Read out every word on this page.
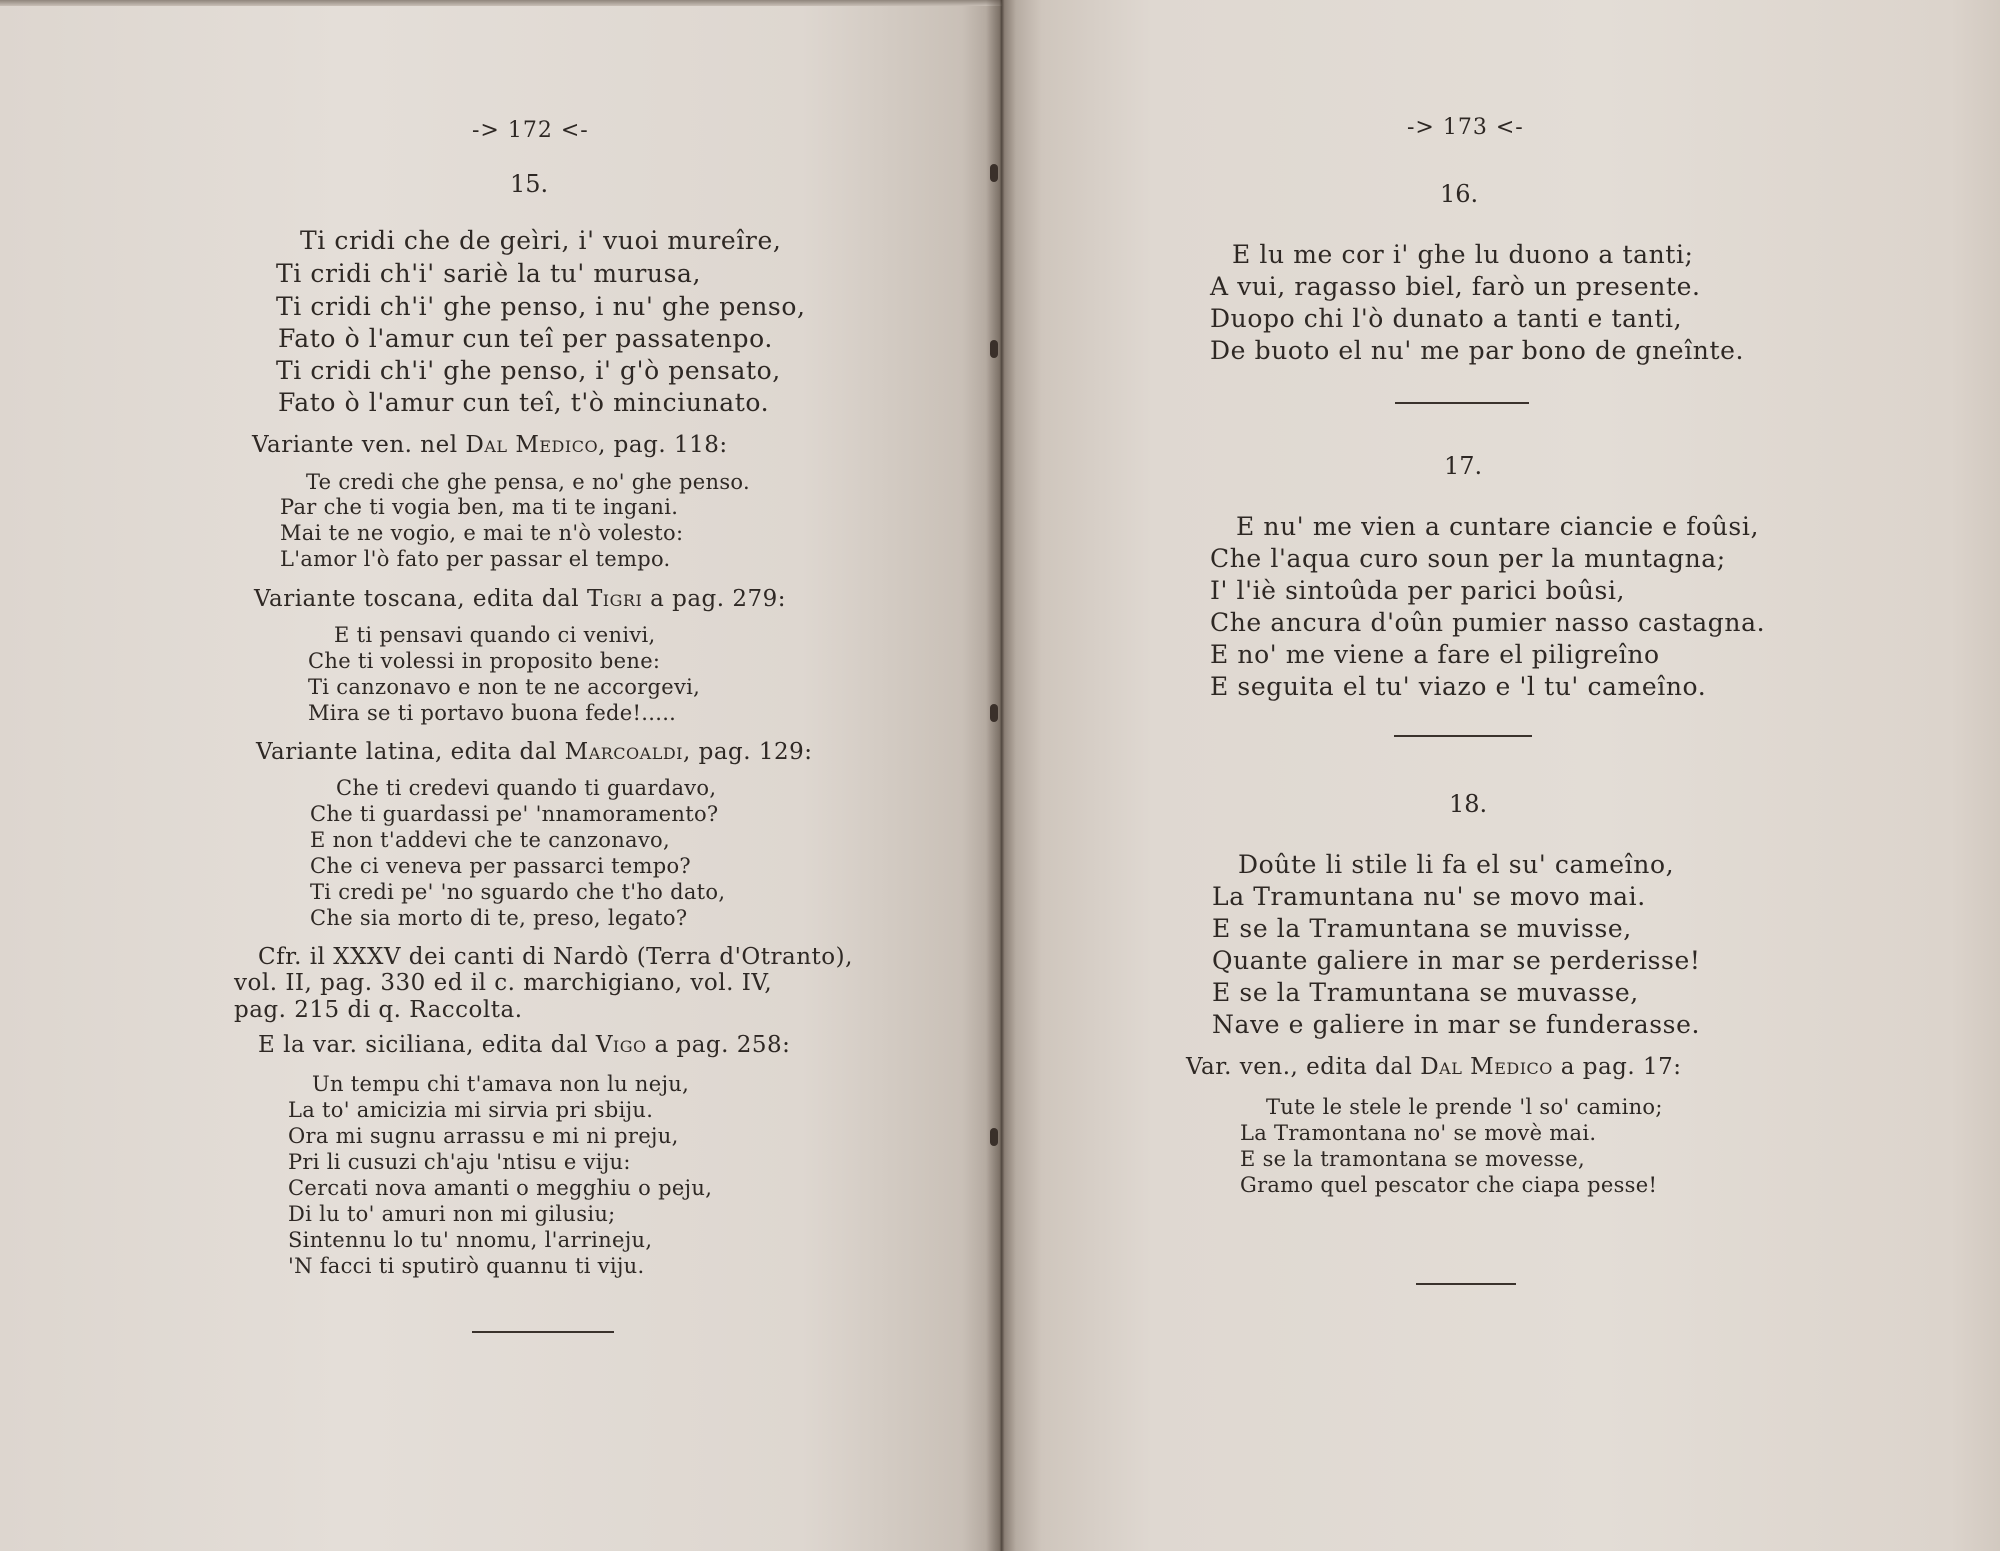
-> 172 <-
15.
Ti cridi che de geìri, i' vuoi mureîre,
Ti cridi ch'i' sariè la tu' murusa,
Ti cridi ch'i' ghe penso, i nu' ghe penso,
Fato ò l'amur cun teî per passatenpo.
Ti cridi ch'i' ghe penso, i' g'ò pensato,
Fato ò l'amur cun teî, t'ò minciunato.
Variante ven. nel Dal Medico, pag. 118:
Te credi che ghe pensa, e no' ghe penso.
Par che ti vogia ben, ma ti te ingani.
Mai te ne vogio, e mai te n'ò volesto:
L'amor l'ò fato per passar el tempo.
Variante toscana, edita dal Tigri a pag. 279:
E ti pensavi quando ci venivi,
Che ti volessi in proposito bene:
Ti canzonavo e non te ne accorgevi,
Mira se ti portavo buona fede!.....
Variante latina, edita dal Marcoaldi, pag. 129:
Che ti credevi quando ti guardavo,
Che ti guardassi pe' 'nnamoramento?
E non t'addevi che te canzonavo,
Che ci veneva per passarci tempo?
Ti credi pe' 'no sguardo che t'ho dato,
Che sia morto di te, preso, legato?
Cfr. il XXXV dei canti di Nardò (Terra d'Otranto),
vol. II, pag. 330 ed il c. marchigiano, vol. IV,
pag. 215 di q. Raccolta.
E la var. siciliana, edita dal Vigo a pag. 258:
Un tempu chi t'amava non lu neju,
La to' amicizia mi sirvia pri sbiju.
Ora mi sugnu arrassu e mi ni preju,
Pri li cusuzi ch'aju 'ntisu e viju:
Cercati nova amanti o megghiu o peju,
Di lu to' amuri non mi gilusiu;
Sintennu lo tu' nnomu, l'arrineju,
'N facci ti sputirò quannu ti viju.
-> 173 <-
16.
E lu me cor i' ghe lu duono a tanti;
A vui, ragasso biel, farò un presente.
Duopo chi l'ò dunato a tanti e tanti,
De buoto el nu' me par bono de gneînte.
17.
E nu' me vien a cuntare ciancie e foûsi,
Che l'aqua curo soun per la muntagna;
I' l'iè sintoûda per parici boûsi,
Che ancura d'oûn pumier nasso castagna.
E no' me viene a fare el piligreîno
E seguita el tu' viazo e 'l tu' cameîno.
18.
Doûte li stile li fa el su' cameîno,
La Tramuntana nu' se movo mai.
E se la Tramuntana se muvisse,
Quante galiere in mar se perderisse!
E se la Tramuntana se muvasse,
Nave e galiere in mar se funderasse.
Var. ven., edita dal Dal Medico a pag. 17:
Tute le stele le prende 'l so' camino;
La Tramontana no' se movè mai.
E se la tramontana se movesse,
Gramo quel pescator che ciapa pesse!
